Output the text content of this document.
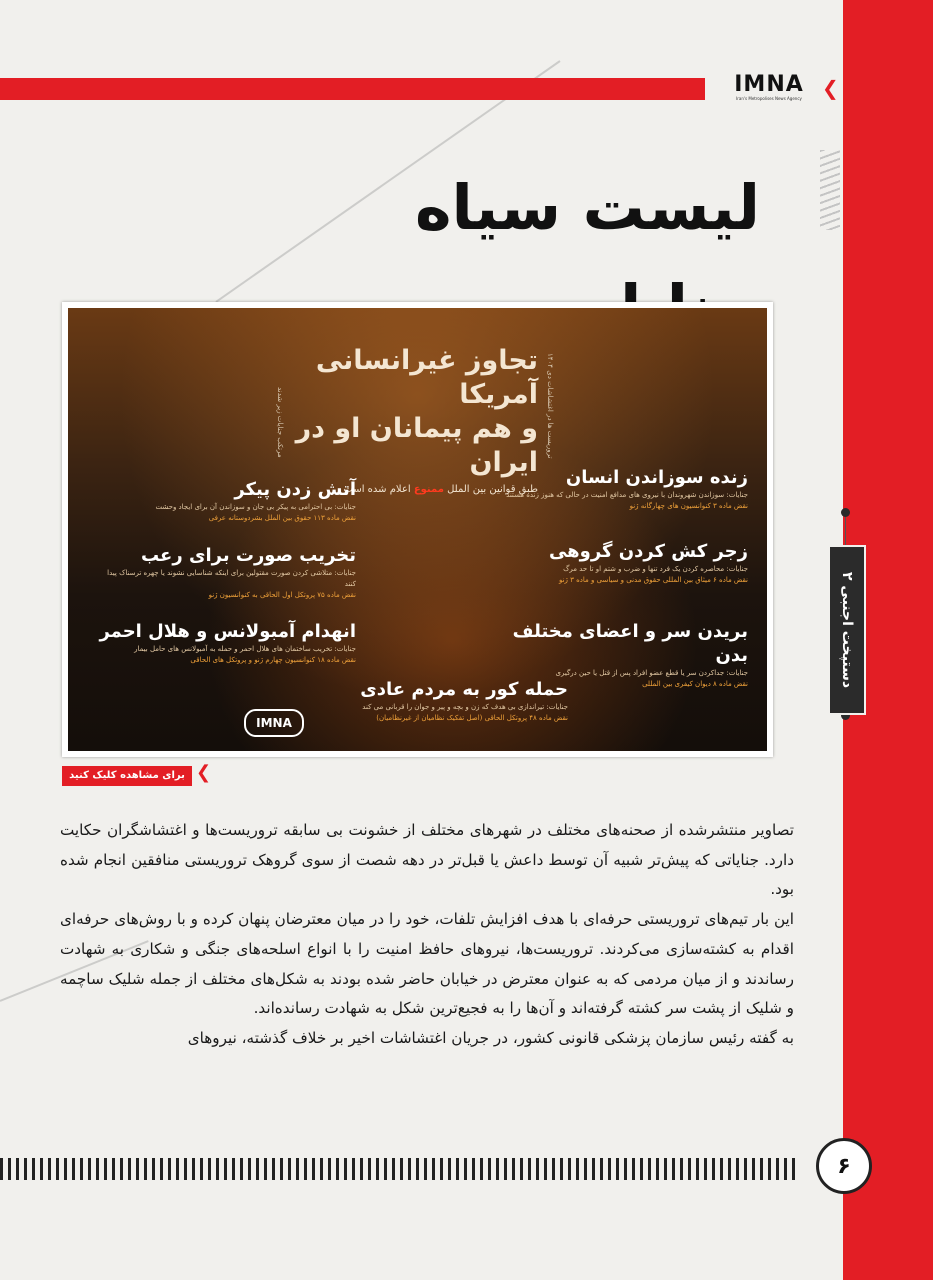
IMNA
Iran's Metropolises News Agency ❮
لیست سیاه
دستپخت اجنبی ۲
تجاوز غیرانسانی آمریکا
و هم پیمانان او در ایران
طبق قوانین بین الملل ممنوع اعلام شده است
تروریست ها در اغتشاشات دی ۱۴۰۴
مرتکب جنایات زیر شدند
زنده سوزاندن انسان
جنایات: سوزاندن شهروندان با نیروی های مدافع امنیت در حالی که هنوز زنده هستند
نقض ماده ۳ کنوانسیون های چهارگانه ژنو
زجر کش کردن گروهی
جنایات: محاصره کردن یک فرد تنها و ضرب و شتم او تا حد مرگ
نقض ماده ۶ میثاق بین المللی حقوق مدنی و سیاسی و ماده ۳ ژنو
بریدن سر و اعضای مختلف بدن
جنایات: جداکردن سر یا قطع عضو افراد پس از قتل یا حین درگیری
نقض ماده ۸ دیوان کیفری بین المللی
آتش زدن پیکر
جنایات: بی احترامی به پیکر بی جان و سوزاندن آن برای ایجاد وحشت
نقض ماده ۱۱۳ حقوق بین الملل بشردوستانه عرفی
تخریب صورت برای رعب
جنایات: متلاشی کردن صورت مقتولین برای اینکه شناسایی نشوند یا چهره ترسناک پیدا کنند
نقض ماده ۷۵ پروتکل اول الحاقی به کنوانسیون ژنو
انهدام آمبولانس و هلال احمر
جنایات: تخریب ساختمان های هلال احمر و حمله به آمبولانس های حامل بیمار
نقض ماده ۱۸ کنوانسیون چهارم ژنو و پروتکل های الحاقی
حمله کور به مردم عادی
جنایات: تیراندازی بی هدف که زن و بچه و پیر و جوان را قربانی می کند
نقض ماده ۴۸ پروتکل الحاقی (اصل تفکیک نظامیان از غیرنظامیان)
IMNA
❮
برای مشاهده کلیک کنید

تصاویر منتشرشده از صحنه‌های مختلف در شهرهای مختلف از خشونت بی سابقه تروریست‌ها و اغتشاشگران حکایت دارد. جنایاتی که پیش‌تر شبیه آن توسط داعش یا قبل‌تر در دهه شصت از سوی گروهک تروریستی منافقین انجام شده بود.

این بار تیم‌های تروریستی حرفه‌ای با هدف افزایش تلفات، خود را در میان معترضان پنهان کرده و با روش‌های حرفه‌ای اقدام به کشته‌سازی می‌کردند. تروریست‌ها، نیروهای حافظ امنیت را با انواع اسلحه‌های جنگی و شکاری به شهادت رساندند و از میان مردمی که به عنوان معترض در خیابان حاضر شده بودند به شکل‌های مختلف از جمله شلیک ساچمه و شلیک از پشت سر کشته گرفته‌اند و آن‌ها را به فجیع‌ترین شکل به شهادت رسانده‌اند.

به گفته رئیس سازمان پزشکی قانونی کشور، در جریان اغتشاشات اخیر بر خلاف گذشته، نیروهای

۶
